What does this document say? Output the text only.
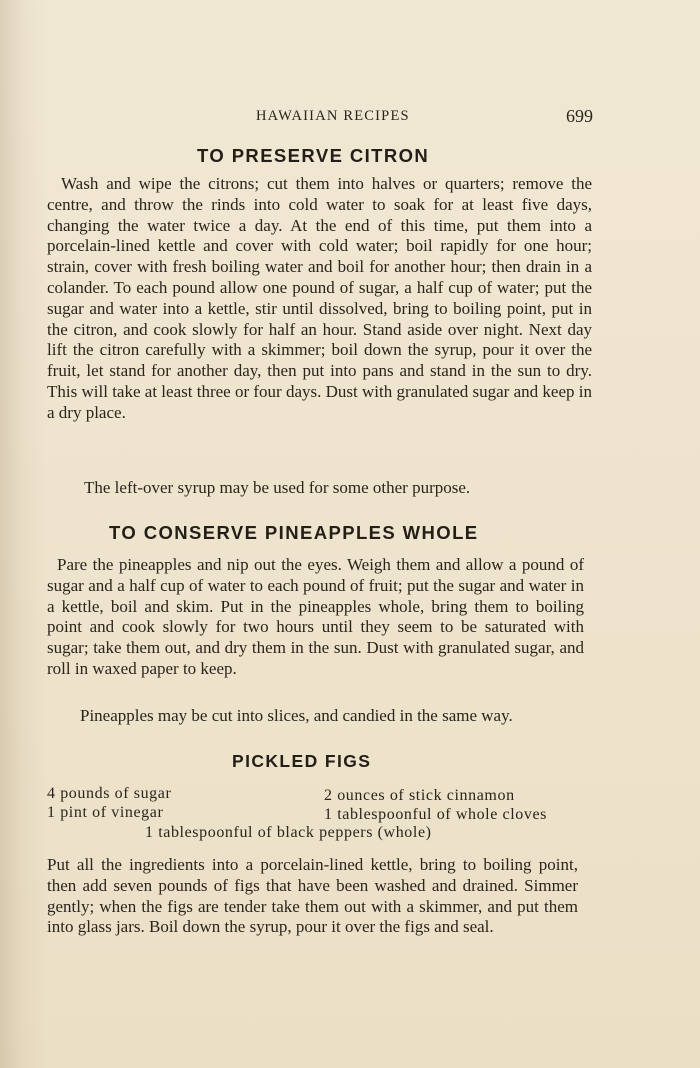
HAWAIIAN RECIPES	699
TO PRESERVE CITRON
Wash and wipe the citrons; cut them into halves or quarters; remove the centre, and throw the rinds into cold water to soak for at least five days, changing the water twice a day. At the end of this time, put them into a porcelain-lined kettle and cover with cold water; boil rapidly for one hour; strain, cover with fresh boiling water and boil for another hour; then drain in a colander. To each pound allow one pound of sugar, a half cup of water; put the sugar and water into a kettle, stir until dissolved, bring to boiling point, put in the citron, and cook slowly for half an hour. Stand aside over night. Next day lift the citron carefully with a skimmer; boil down the syrup, pour it over the fruit, let stand for another day, then put into pans and stand in the sun to dry. This will take at least three or four days. Dust with granulated sugar and keep in a dry place.
The left-over syrup may be used for some other purpose.
TO CONSERVE PINEAPPLES WHOLE
Pare the pineapples and nip out the eyes. Weigh them and allow a pound of sugar and a half cup of water to each pound of fruit; put the sugar and water in a kettle, boil and skim. Put in the pineapples whole, bring them to boiling point and cook slowly for two hours until they seem to be saturated with sugar; take them out, and dry them in the sun. Dust with granulated sugar, and roll in waxed paper to keep.
Pineapples may be cut into slices, and candied in the same way.
PICKLED FIGS
4 pounds of sugar	2 ounces of stick cinnamon
1 pint of vinegar	1 tablespoonful of whole cloves
1 tablespoonful of black peppers (whole)
Put all the ingredients into a porcelain-lined kettle, bring to boiling point, then add seven pounds of figs that have been washed and drained. Simmer gently; when the figs are tender take them out with a skimmer, and put them into glass jars. Boil down the syrup, pour it over the figs and seal.
